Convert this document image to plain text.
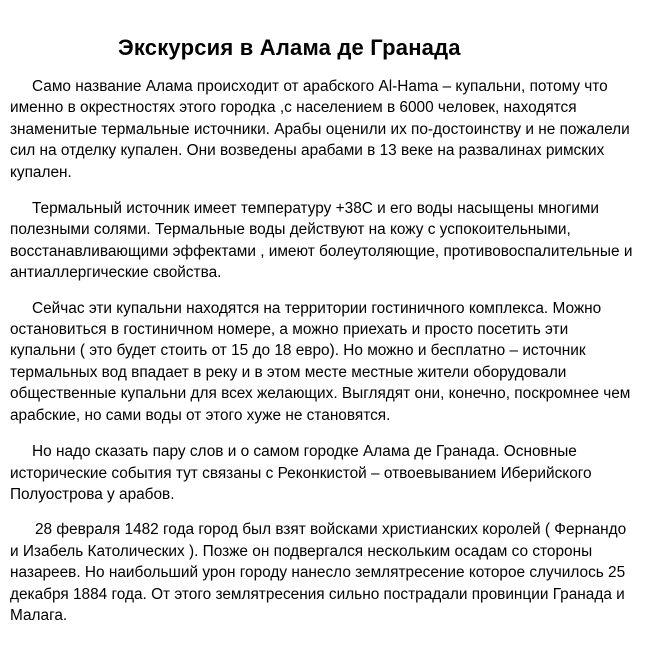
Экскурсия в Алама де Гранада

Само название Алама происходит от арабского Al-Hama – купальни, потому что именно в окрестностях этого городка ,с населением в 6000 человек, находятся знаменитые термальные источники. Арабы оценили их по-достоинству и не пожалели сил на отделку купален. Они возведены арабами в 13 веке на развалинах римских купален.

Термальный источник имеет температуру +38С и его воды насыщены многими полезными солями. Термальные воды действуют на кожу с успокоительными, восстанавливающими эффектами , имеют болеутоляющие, противовоспалительные и антиаллергические свойства.

Сейчас эти купальни находятся на территории гостиничного комплекса. Можно остановиться в гостиничном номере, а можно приехать и просто посетить эти купальни ( это будет стоить от 15 до 18 евро). Но можно и бесплатно – источник термальных вод впадает в реку и в этом месте местные жители оборудовали общественные купальни для всех желающих. Выглядят они, конечно, поскромнее чем арабские, но сами воды от этого хуже не становятся.

Но надо сказать пару слов и о самом городке Алама де Гранада. Основные исторические события тут связаны с Реконкистой – отвоевыванием Иберийского Полуострова у арабов.

28 февраля 1482 года город был взят войсками христианских королей ( Фернандо и Изабель Католических ). Позже он подвергался нескольким осадам со стороны назареев. Но наибольший урон городу нанесло землятресение которое случилось 25 декабря 1884 года. От этого землятресения сильно пострадали провинции Гранада и Малага.
